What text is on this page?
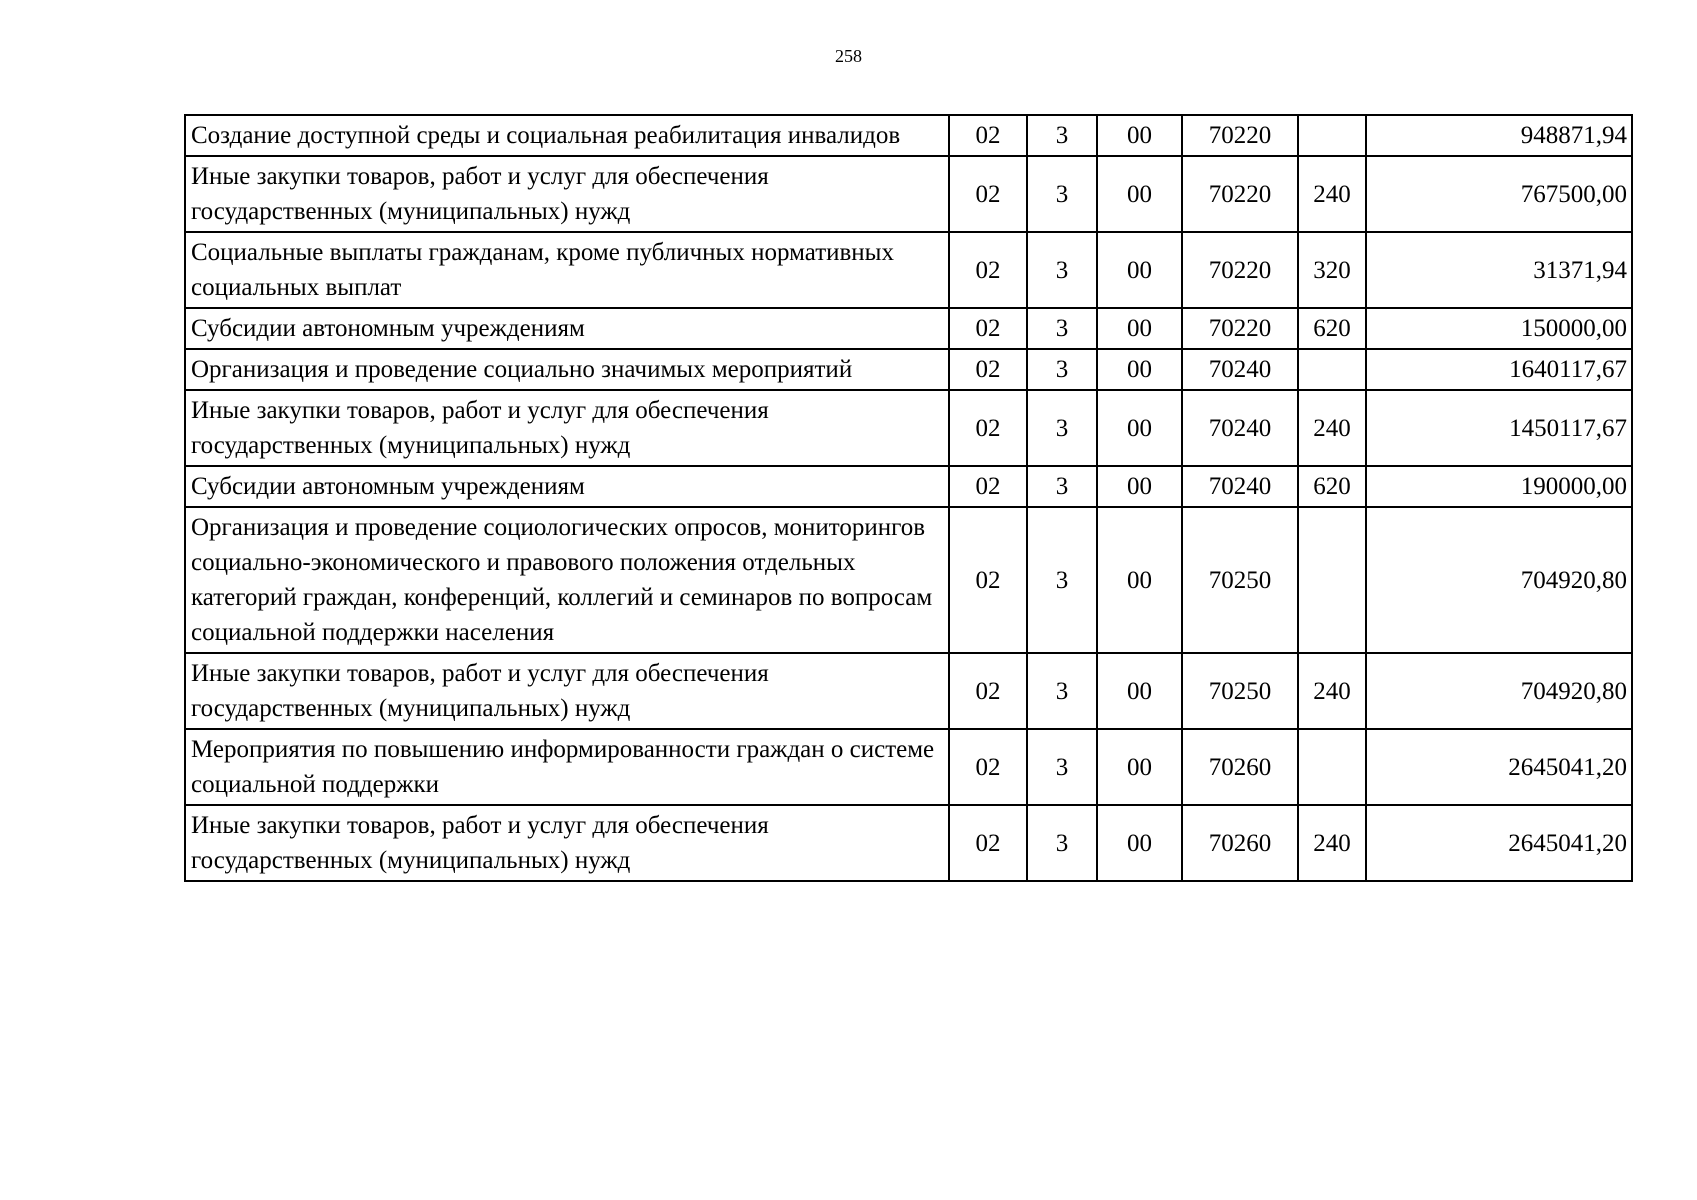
258
Создание доступной среды и социальная реабилитация инвалидов	02	3	00	70220		948871,94
Иные закупки товаров, работ и услуг для обеспечения государственных (муниципальных) нужд	02	3	00	70220	240	767500,00
Социальные выплаты гражданам, кроме публичных нормативных социальных выплат	02	3	00	70220	320	31371,94
Субсидии автономным учреждениям	02	3	00	70220	620	150000,00
Организация и проведение социально значимых мероприятий	02	3	00	70240		1640117,67
Иные закупки товаров, работ и услуг для обеспечения государственных (муниципальных) нужд	02	3	00	70240	240	1450117,67
Субсидии автономным учреждениям	02	3	00	70240	620	190000,00
Организация и проведение социологических опросов, мониторингов социально-экономического и правового положения отдельных категорий граждан, конференций, коллегий и семинаров по вопросам социальной поддержки населения	02	3	00	70250		704920,80
Иные закупки товаров, работ и услуг для обеспечения государственных (муниципальных) нужд	02	3	00	70250	240	704920,80
Мероприятия по повышению информированности граждан о системе социальной поддержки	02	3	00	70260		2645041,20
Иные закупки товаров, работ и услуг для обеспечения государственных (муниципальных) нужд	02	3	00	70260	240	2645041,20
